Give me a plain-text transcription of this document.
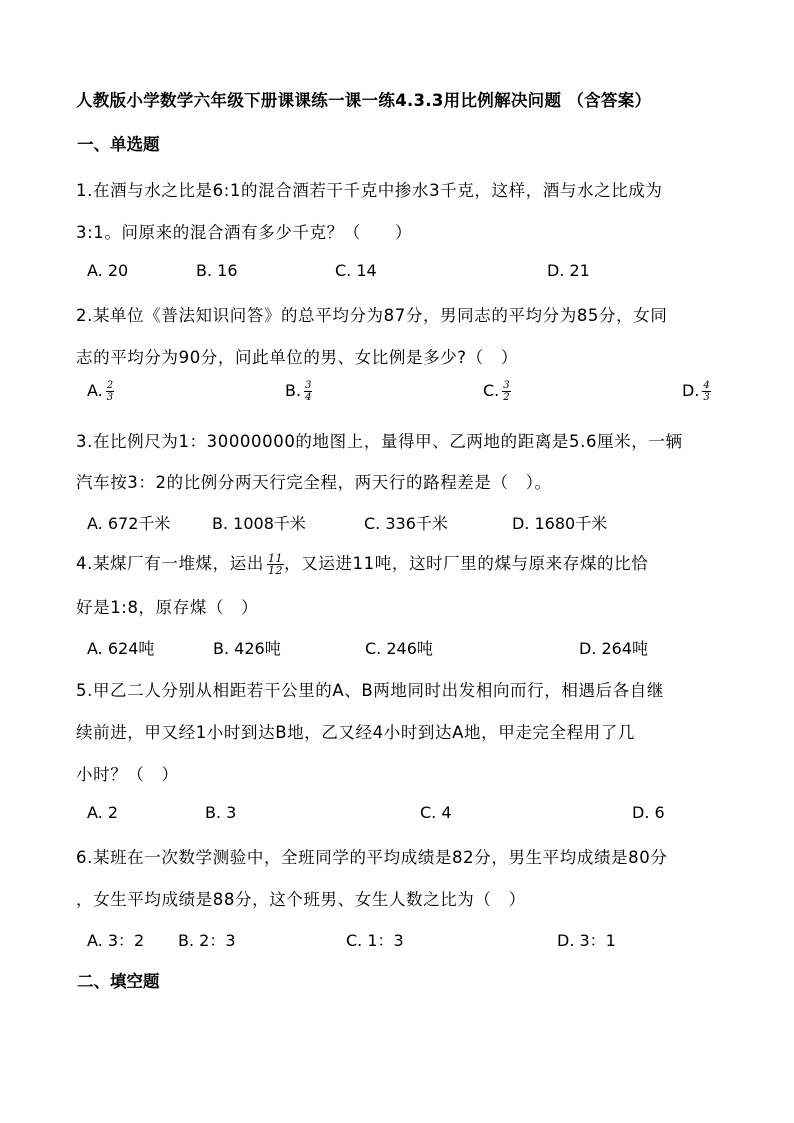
人教版小学数学六年级下册课课练一课一练4.3.3用比例解决问题 （含答案）
一、单选题
1.在酒与水之比是6:1的混合酒若干千克中掺水3千克，这样，酒与水之比成为
3:1。问原来的混合酒有多少千克？（　　）
A. 20	B. 16	C. 14	D. 21
2.某单位《普法知识问答》的总平均分为87分，男同志的平均分为85分，女同
志的平均分为90分，问此单位的男、女比例是多少?（　）
A. $\frac{2}{3}$	B. $\frac{3}{4}$	C. $\frac{3}{2}$	D. $\frac{4}{3}$
3.在比例尺为1：30000000的地图上，量得甲、乙两地的距离是5.6厘米，一辆
汽车按3：2的比例分两天行完全程，两天行的路程差是（　）。
A. 672千米	B. 1008千米	C. 336千米	D. 1680千米
4.某煤厂有一堆煤，运出 $\frac{11}{12}$ ，又运进11吨，这时厂里的煤与原来存煤的比恰
好是1:8，原存煤（　）
A. 624吨	B. 426吨	C. 246吨	D. 264吨
5.甲乙二人分别从相距若干公里的A、B两地同时出发相向而行，相遇后各自继
续前进，甲又经1小时到达B地，乙又经4小时到达A地，甲走完全程用了几
小时？（　）
A. 2	B. 3	C. 4	D. 6
6.某班在一次数学测验中，全班同学的平均成绩是82分，男生平均成绩是80分
，女生平均成绩是88分，这个班男、女生人数之比为（　）
A. 3：2 B. 2：3	C. 1：3	D. 3：1
二、填空题
